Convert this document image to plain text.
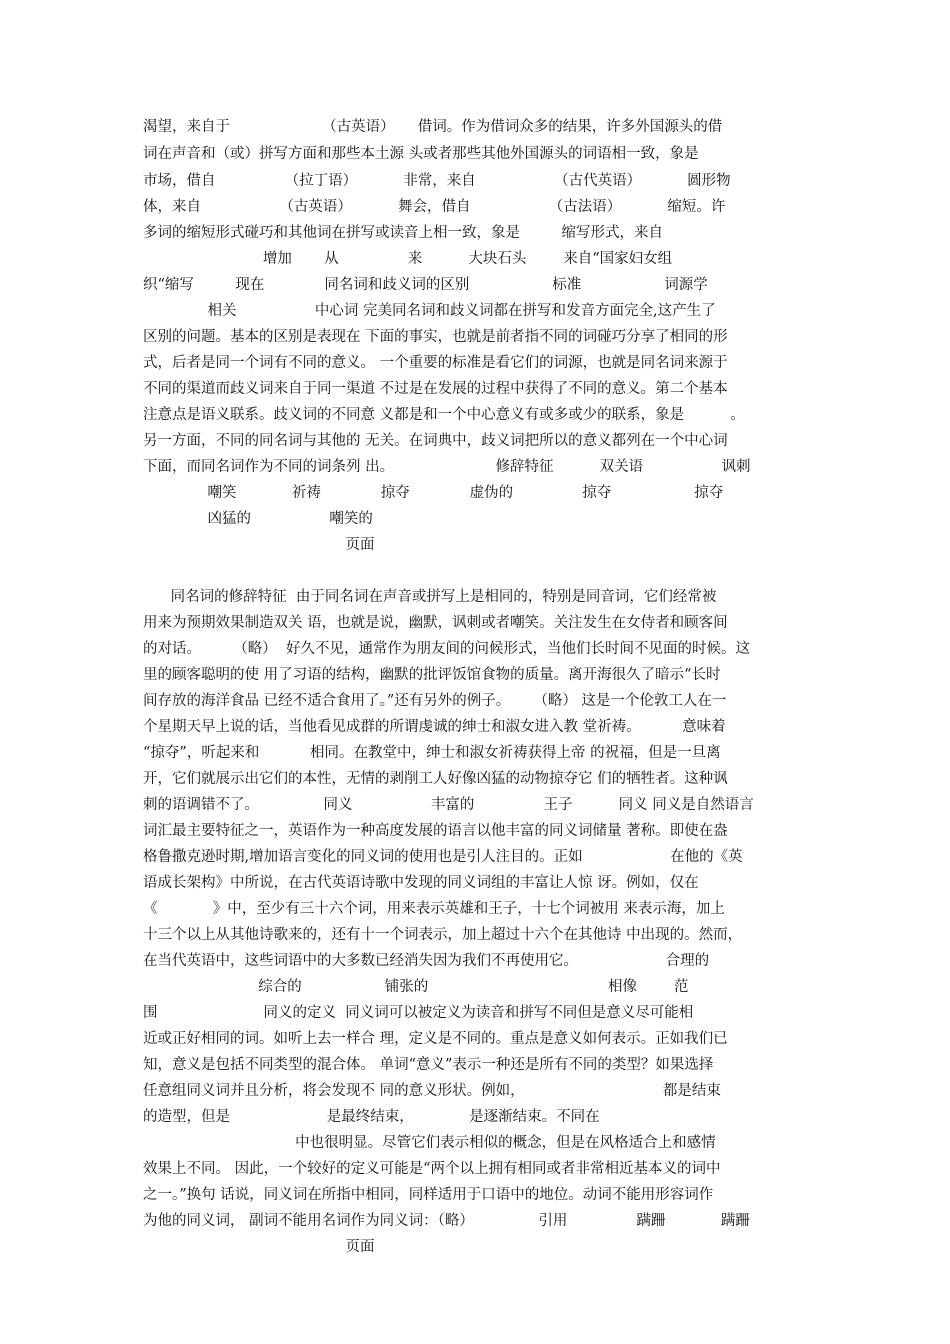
渴望，来自于                    （古英语）     借词。作为借词众多的结果，许多外国源头的借
词在声音和（或）拼写方面和那些本土源 头或者那些其他外国源头的词语相一致，象是
市场，借自               （拉丁语）          非常，来自                 （古代英语）          圆形物
体，来自                 （古英语）          舞会，借自                 （古法语）          缩短。许
多词的缩短形式碰巧和其他词在拼写或读音上相一致，象是         缩写形式，来自
增加       从               来          大块石头        来自“国家妇女组
织“缩写         现在             同名词和歧义词的区别                  标准                  词源学
相关                 中心词 完美同名词和歧义词都在拼写和发音方面完全,这产生了
区别的问题。基本的区别是表现在 下面的事实，也就是前者指不同的词碰巧分享了相同的形
式，后者是同一个词有不同的意义。 一个重要的标准是看它们的词源，也就是同名词来源于
不同的渠道而歧义词来自于同一渠道 不过是在发展的过程中获得了不同的意义。第二个基本
注意点是语义联系。歧义词的不同意 义都是和一个中心意义有或多或少的联系，象是          。
另一方面，不同的同名词与其他的 无关。在词典中，歧义词把所以的意义都列在一个中心词
下面，而同名词作为不同的词条列 出。                      修辞特征          双关语                 讽刺
嘲笑            祈祷             掠夺             虚伪的               掠夺                  掠夺
凶猛的                 嘲笑的
页面
同名词的修辞特征  由于同名词在声音或拼写上是相同的，特别是同音词，它们经常被
用来为预期效果制造双关 语，也就是说，幽默，讽刺或者嘲笑。关注发生在女侍者和顾客间
的对话。       （略）  好久不见，通常作为朋友间的问候形式，当他们长时间不见面的时候。这
里的顾客聪明的使 用了习语的结构，幽默的批评饭馆食物的质量。离开海很久了暗示“长时
间存放的海洋食品 已经不适合食用了。”还有另外的例子。     （略） 这是一个伦敦工人在一
个星期天早上说的话，当他看见成群的所谓虔诚的绅士和淑女进入教 堂祈祷。         意味着
“掠夺”，听起来和           相同。在教堂中，绅士和淑女祈祷获得上帝 的祝福，但是一旦离
开，它们就展示出它们的本性，无情的剥削工人好像凶猛的动物掠夺它 们的牺牲者。这种讽
刺的语调错不了。              同义                 丰富的               王子          同义 同义是自然语言
词汇最主要特征之一，英语作为一种高度发展的语言以他丰富的同义词储量 著称。即使在盎
格鲁撒克逊时期,增加语言变化的同义词的使用也是引人注目的。正如                   在他的《英
语成长架构》中所说，在古代英语诗歌中发现的同义词组的丰富让人惊 讶。例如，仅在
《            》中，至少有三十六个词，用来表示英雄和王子，十七个词被用 来表示海，加上
十三个以上从其他诗歌来的，还有十一个词表示，加上超过十六个在其他诗 中出现的。然而，
在当代英语中，这些词语中的大多数已经消失因为我们不再使用它。                   合理的
综合的                  铺张的                                       相像        范
围                       同义的定义  同义词可以被定义为读音和拼写不同但是意义尽可能相
近或正好相同的词。如听上去一样合 理，定义是不同的。重点是意义如何表示。正如我们已
知，意义是包括不同类型的混合体。 单词“意义”表示一种还是所有不同的类型？如果选择
任意组同义词并且分析，将会发现不 同的意义形状。例如，                              都是结束
的造型，但是                     是最终结束，            是逐渐结束。不同在
中也很明显。尽管它们表示相似的概念，但是在风格适合上和感情
效果上不同。 因此，一个较好的定义可能是“两个以上拥有相同或者非常相近基本义的词中
之一。”换句 话说，同义词在所指中相同，同样适用于口语中的地位。动词不能用形容词作
为他的同义词， 副词不能用名词作为同义词：（略）              引用               蹒跚            蹒跚
页面
